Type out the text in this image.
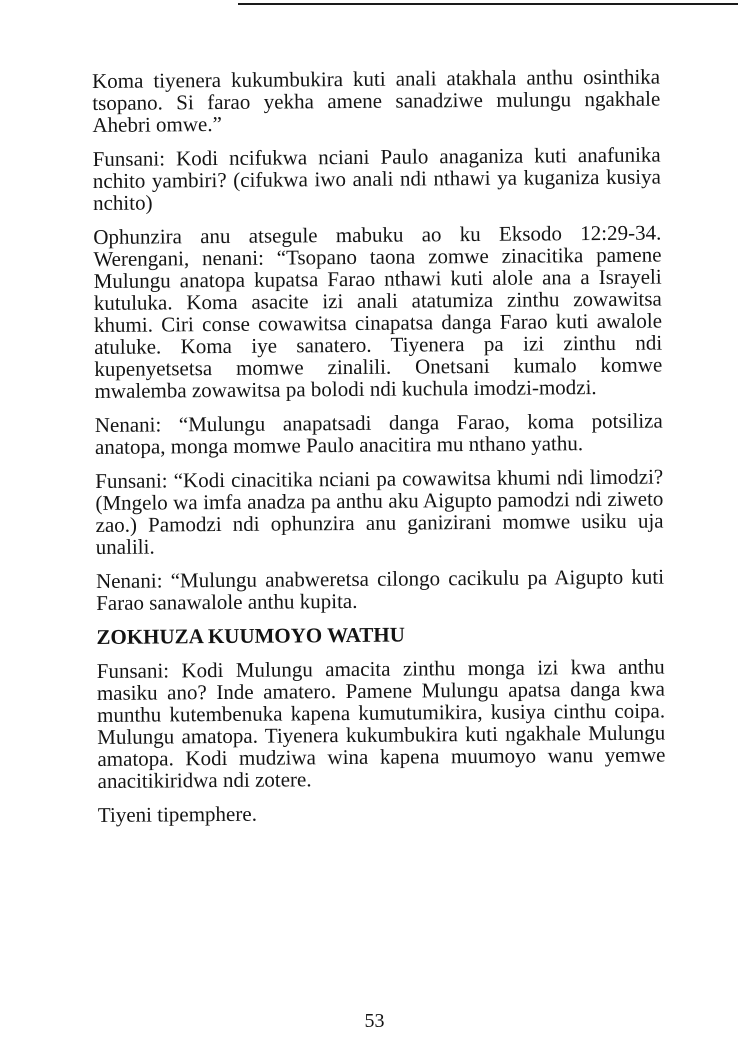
Koma tiyenera kukumbukira kuti anali atakhala anthu osinthika tsopano. Si farao yekha amene sanadziwe mulungu ngakhale Ahebri omwe.”

Funsani: Kodi ncifukwa nciani Paulo anaganiza kuti anafunika nchito yambiri? (cifukwa iwo anali ndi nthawi ya kuganiza kusiya nchito)

Ophunzira anu atsegule mabuku ao ku Eksodo 12:29-34. Werengani, nenani: “Tsopano taona zomwe zinacitika pamene Mulungu anatopa kupatsa Farao nthawi kuti alole ana a Israyeli kutuluka. Koma asacite izi anali atatumiza zinthu zowawitsa khumi. Ciri conse cowawitsa cinapatsa danga Farao kuti awalole atuluke. Koma iye sanatero. Tiyenera pa izi zinthu ndi kupenyetsetsa momwe zinalili. Onetsani kumalo komwe mwalemba zowawitsa pa bolodi ndi kuchula imodzi-modzi.

Nenani: “Mulungu anapatsadi danga Farao, koma potsiliza anatopa, monga momwe Paulo anacitira mu nthano yathu.

Funsani: “Kodi cinacitika nciani pa cowawitsa khumi ndi limodzi? (Mngelo wa imfa anadza pa anthu aku Aigupto pamodzi ndi ziweto zao.) Pamodzi ndi ophunzira anu ganizirani momwe usiku uja unalili.

Nenani: “Mulungu anabweretsa cilongo cacikulu pa Aigupto kuti Farao sanawalole anthu kupita.

ZOKHUZA KUUMOYO WATHU

Funsani: Kodi Mulungu amacita zinthu monga izi kwa anthu masiku ano? Inde amatero. Pamene Mulungu apatsa danga kwa munthu kutembenuka kapena kumutumikira, kusiya cinthu coipa. Mulungu amatopa. Tiyenera kukumbukira kuti ngakhale Mulungu amatopa. Kodi mudziwa wina kapena muumoyo wanu yemwe anacitikiridwa ndi zotere.

Tiyeni tipemphere.

53
